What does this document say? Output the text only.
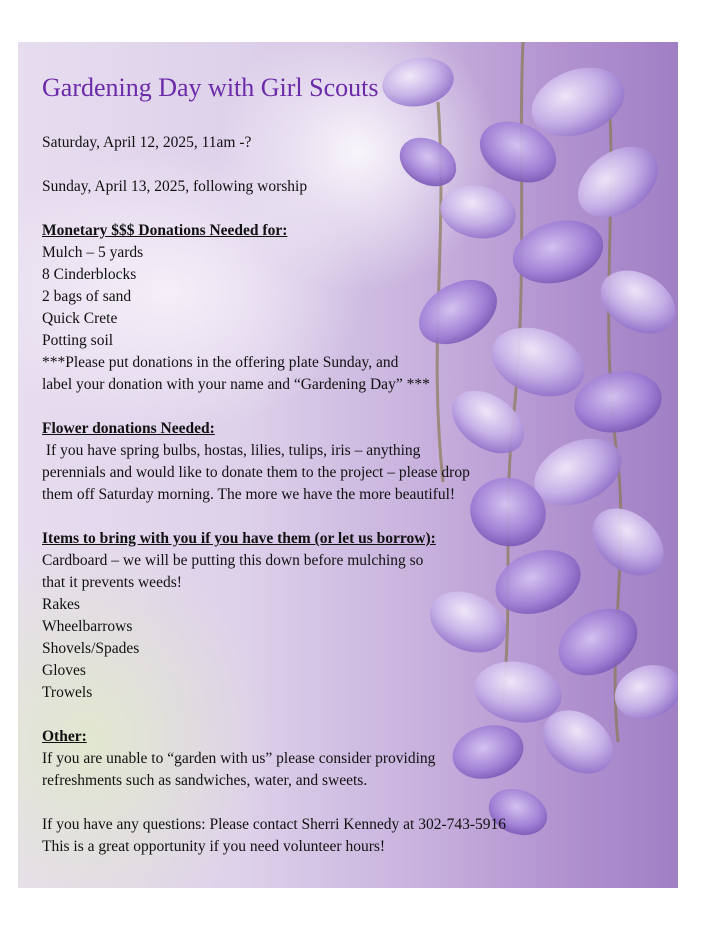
Gardening Day with Girl Scouts

Saturday, April 12, 2025, 11am -?

Sunday, April 13, 2025, following worship

Monetary $$$ Donations Needed for:

Mulch – 5 yards

8 Cinderblocks

2 bags of sand

Quick Crete

Potting soil

***Please put donations in the offering plate Sunday, and

label your donation with your name and “Gardening Day” ***

Flower donations Needed:

If you have spring bulbs, hostas, lilies, tulips, iris – anything

perennials and would like to donate them to the project – please drop

them off Saturday morning. The more we have the more beautiful!

Items to bring with you if you have them (or let us borrow):

Cardboard – we will be putting this down before mulching so

that it prevents weeds!

Rakes

Wheelbarrows

Shovels/Spades

Gloves

Trowels

Other:

If you are unable to “garden with us” please consider providing

refreshments such as sandwiches, water, and sweets.

If you have any questions: Please contact Sherri Kennedy at 302-743-5916

This is a great opportunity if you need volunteer hours!
